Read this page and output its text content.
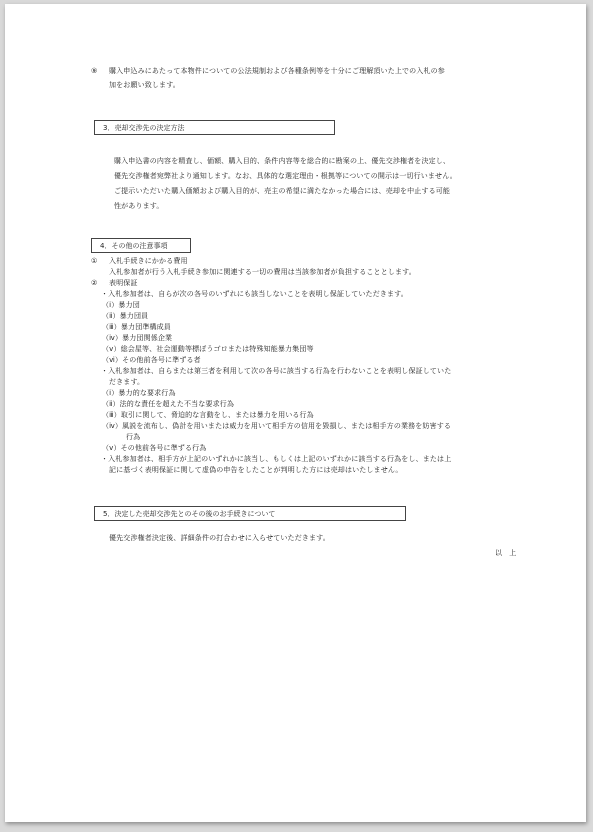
⑨ 購入申込みにあたって本物件についての公法規制および各種条例等を十分にご理解頂いた上での入札の参
加をお願い致します。
3．売却交渉先の決定方法
購入申込書の内容を精査し、価額、購入目的、条件内容等を総合的に勘案の上、優先交渉権者を決定し、
優先交渉権者宛弊社より通知します。なお、具体的な選定理由・根拠等についての開示は一切行いません。
ご提示いただいた購入価額および購入目的が、売主の希望に満たなかった場合には、売却を中止する可能
性があります。
4．その他の注意事項
① 入札手続きにかかる費用
入札参加者が行う入札手続き参加に関連する一切の費用は当該参加者が負担することとします。
② 表明保証
・入札参加者は、自らが次の各号のいずれにも該当しないことを表明し保証していただきます。
（ⅰ）暴力団
（ⅱ）暴力団員
（ⅲ）暴力団準構成員
（ⅳ）暴力団関係企業
（ⅴ）総会屋等、社会運動等標ぼうゴロまたは特殊知能暴力集団等
（ⅵ）その他前各号に準ずる者
・入札参加者は、自らまたは第三者を利用して次の各号に該当する行為を行わないことを表明し保証していた
だきます。
（ⅰ）暴力的な要求行為
（ⅱ）法的な責任を超えた不当な要求行為
（ⅲ）取引に関して、脅迫的な言動をし、または暴力を用いる行為
（ⅳ）風説を流布し、偽計を用いまたは威力を用いて相手方の信用を毀損し、または相手方の業務を妨害する
行為
（ⅴ）その他前各号に準ずる行為
・入札参加者は、相手方が上記のいずれかに該当し、もしくは上記のいずれかに該当する行為をし、または上
記に基づく表明保証に関して虚偽の申告をしたことが判明した方には売却はいたしません。
5．決定した売却交渉先とのその後のお手続きについて
優先交渉権者決定後、詳細条件の打合わせに入らせていただきます。
以　上
